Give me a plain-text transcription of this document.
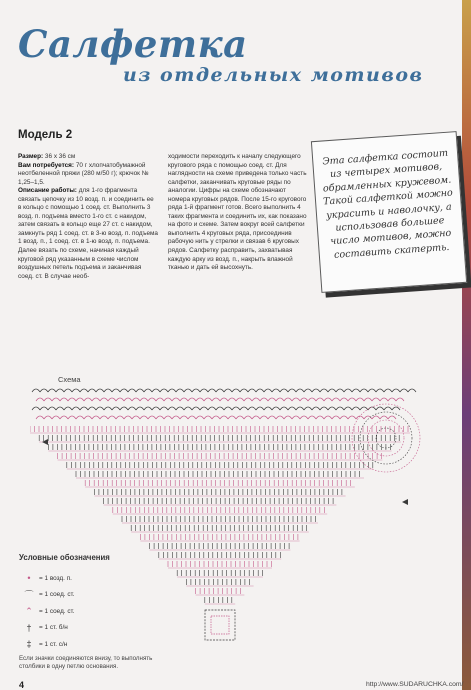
Салфетка
из отдельных мотивов
Модель 2

Размер: 36 х 36 см

Вам потребуется: 70 г хлопчатобумажной неотбеленной пряжи (280 м/50 г); крючок № 1,25–1,5.

Описание работы: для 1-го фрагмента связать цепочку из 10 возд. п. и соединить ее в кольцо с помощью 1 соед. ст. Выполнить 3 возд. п. подъема вместо 1-го ст. с накидом, затем связать в кольцо еще 27 ст. с накидом, замкнуть ряд 1 соед. ст. в 3-ю возд. п. подъема 1 возд. п., 1 соед. ст. в 1-ю возд. п. подъема. Далее вязать по схеме, начиная каждый круговой ряд указанным в схеме числом воздушных петель подъема и заканчивая соед. ст. В случае необ-

ходимости переходить к началу следующего кругового ряда с помощью соед. ст. Для наглядности на схеме приведена только часть салфетки, заканчивать круговые ряды по аналогии. Цифры на схеме обозначают номера круговых рядов. После 15-го кругового ряда 1-й фрагмент готов. Всего выполнить 4 таких фрагмента и соединить их, как показано на фото и схеме. Затем вокруг всей салфетки выполнить 4 круговых ряда, присоединив рабочую нить у стрелки и связав 6 круговых рядов. Салфетку расправить, захватывая каждую арку из возд. п., накрыть влажной тканью и дать ей высохнуть.

Эта салфетка состоит из четырех мотивов, обрамленных кружевом. Такой салфеткой можно украсить и наволочку, а использовав большее число мотивов, можно составить скатерть.

Схема
Условные обозначения
•	= 1 возд. п.
⌒ = 1 соед. ст.
⌃ = 1 соед. ст.
†	= 1 ст. б/н
‡	= 1 ст. с/н

Если значки соединяются внизу, то выполнять столбики в одну петлю основания.

4	http://www.SUDARUCHKA.com/
